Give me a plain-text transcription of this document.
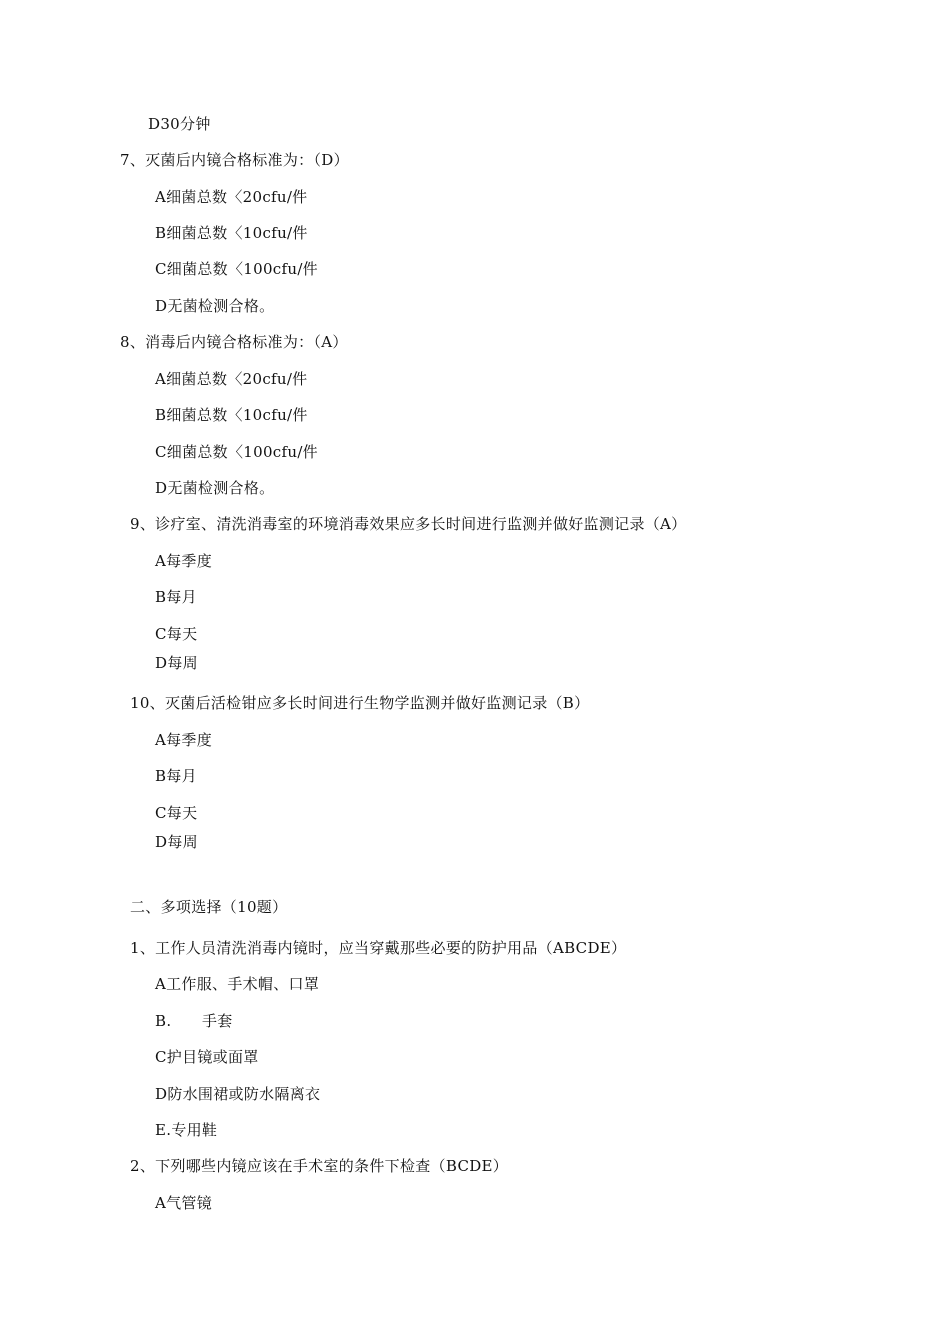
D30分钟
7、灭菌后内镜合格标准为：（D）
A细菌总数〈20cfu/件
B细菌总数〈10cfu/件
C细菌总数〈100cfu/件
D无菌检测合格。
8、消毒后内镜合格标准为：（A）
A细菌总数〈20cfu/件
B细菌总数〈10cfu/件
C细菌总数〈100cfu/件
D无菌检测合格。
9、诊疗室、清洗消毒室的环境消毒效果应多长时间进行监测并做好监测记录（A）
A每季度
B每月
C每天
D每周
10、灭菌后活检钳应多长时间进行生物学监测并做好监测记录（B）
A每季度
B每月
C每天
D每周
二、多项选择（10题）
1、工作人员清洗消毒内镜时，应当穿戴那些必要的防护用品（ABCDE）
A工作服、手术帽、口罩
B.　　手套
C护目镜或面罩
D防水围裙或防水隔离衣
E.专用鞋
2、下列哪些内镜应该在手术室的条件下检查（BCDE）
A气管镜
